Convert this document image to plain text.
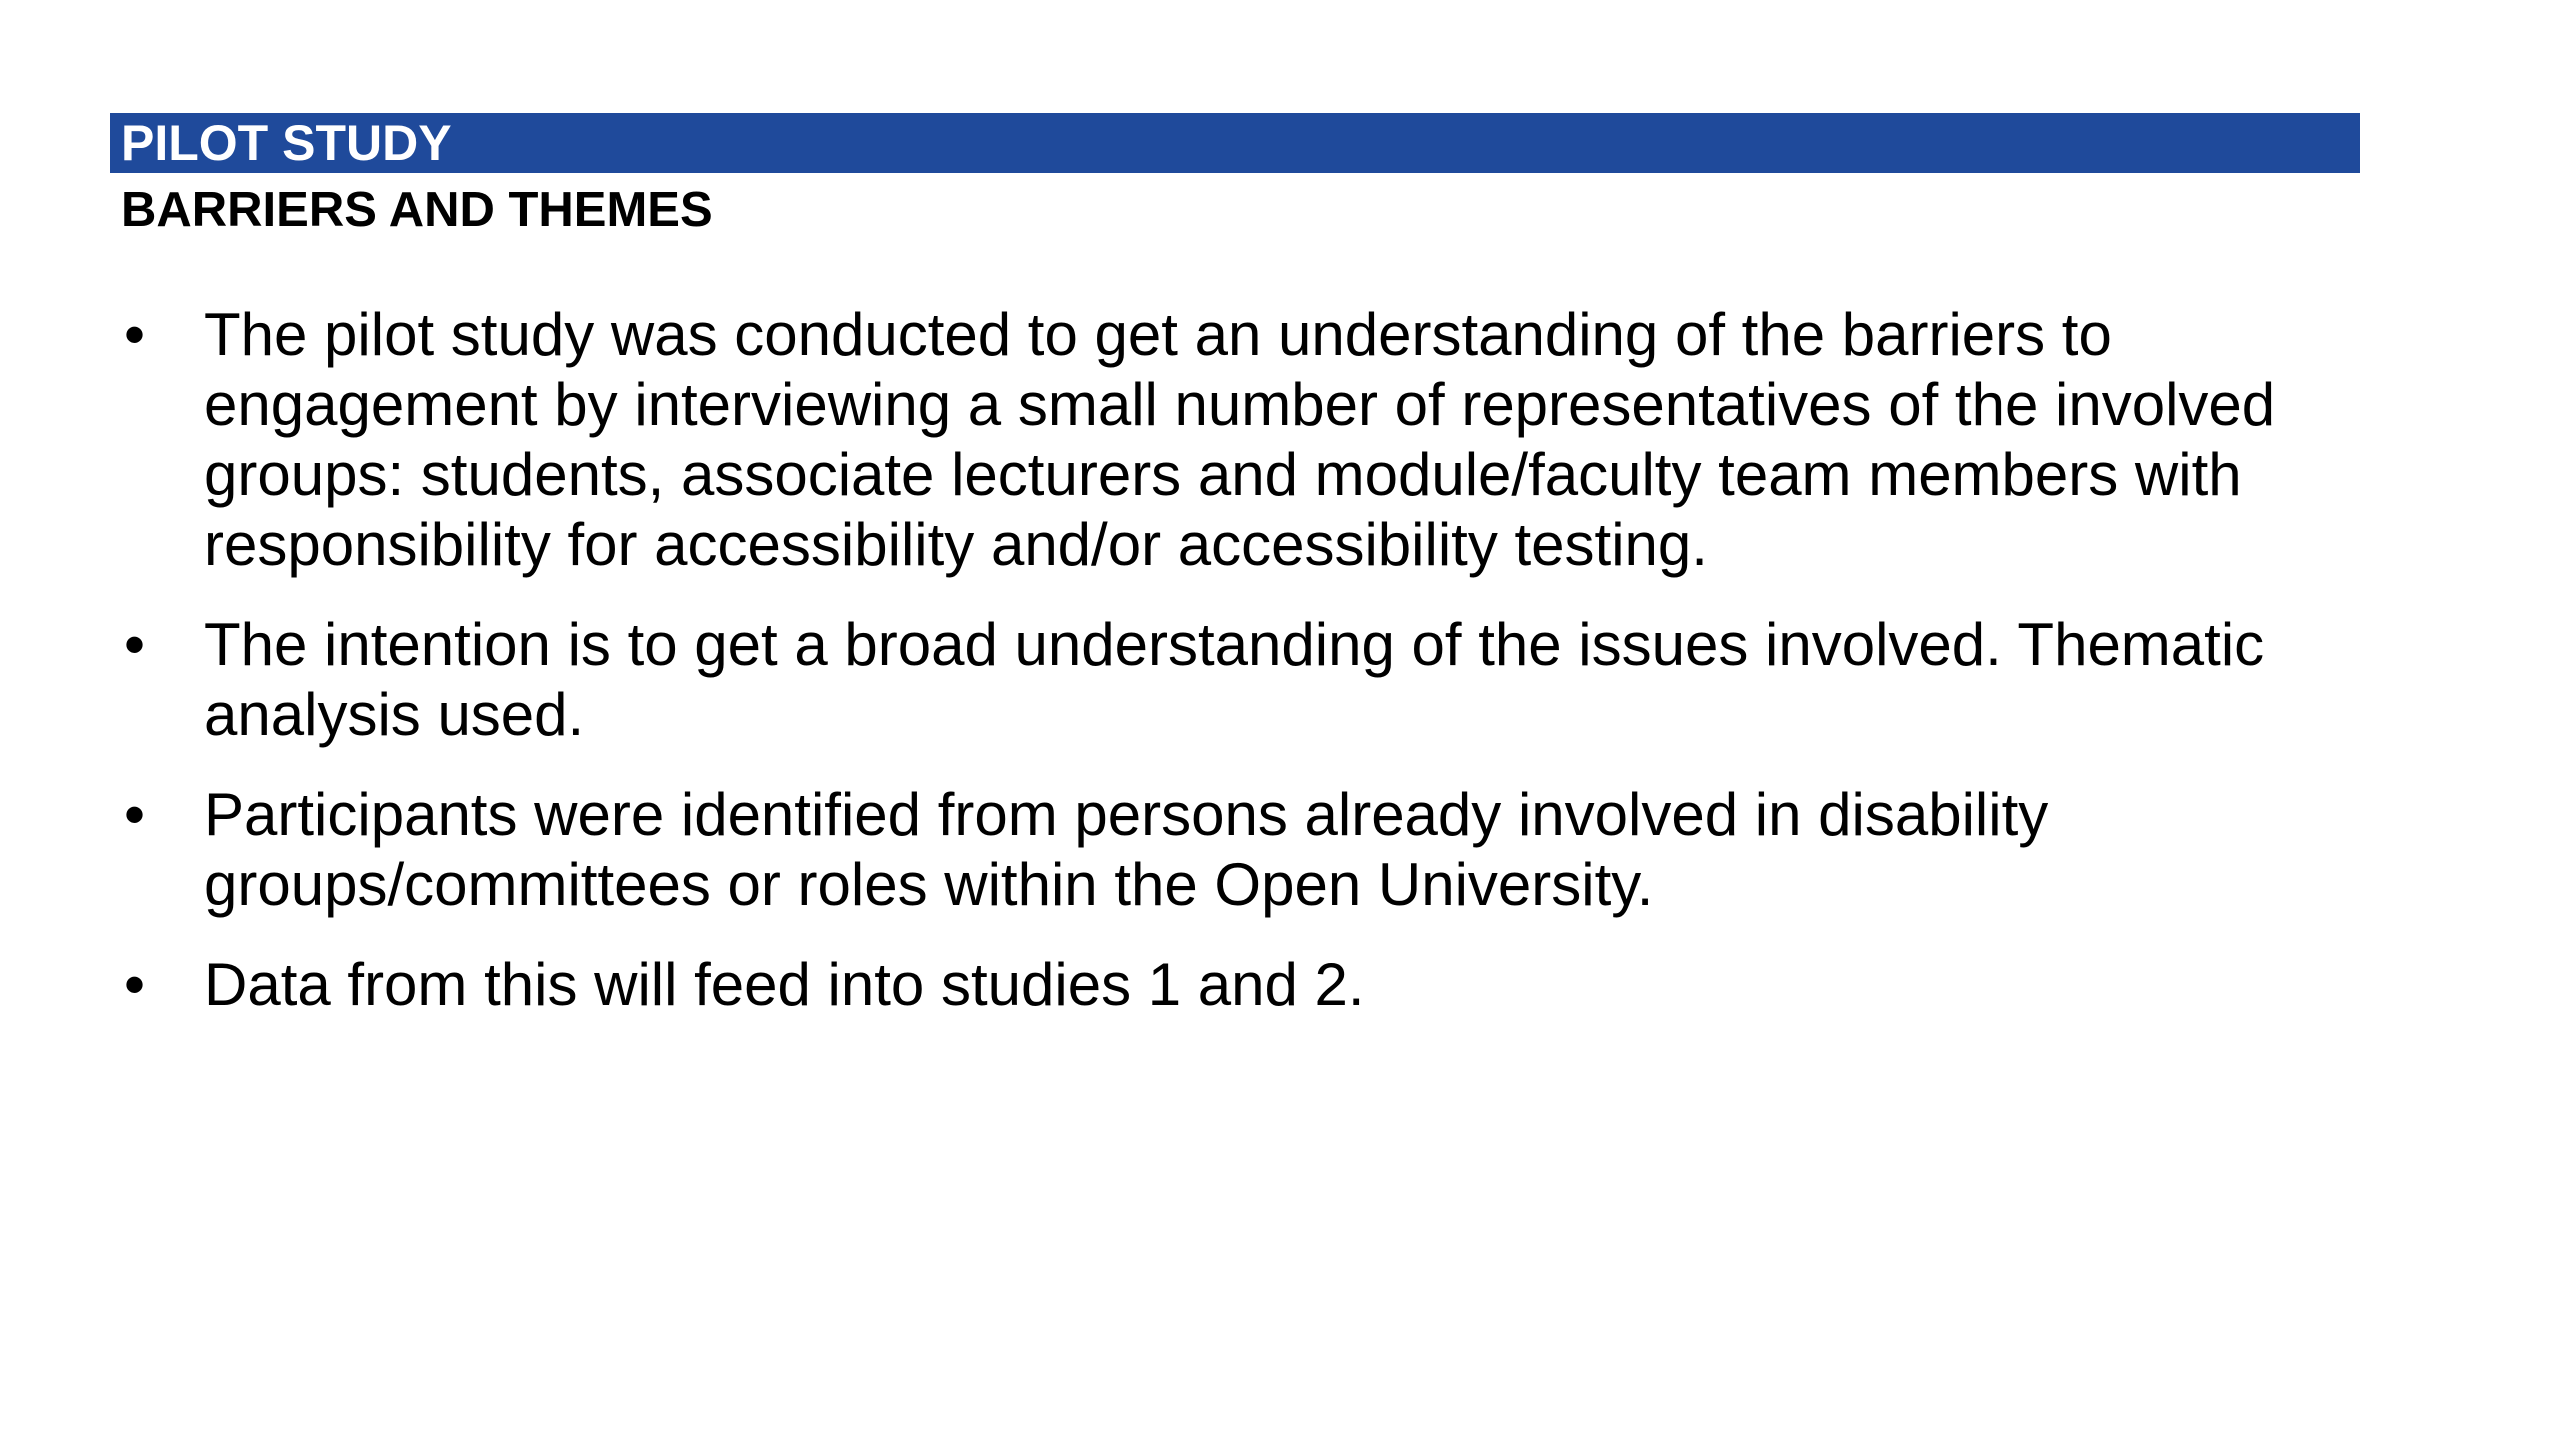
PILOT STUDY
BARRIERS AND THEMES
• The pilot study was conducted to get an understanding of the barriers to engagement by interviewing a small number of representatives of the involved groups: students, associate lecturers and module/faculty team members with responsibility for accessibility and/or accessibility testing.
• The intention is to get a broad understanding of the issues involved. Thematic analysis used.
• Participants were identified from persons already involved in disability groups/committees or roles within the Open University.
• Data from this will feed into studies 1 and 2.
